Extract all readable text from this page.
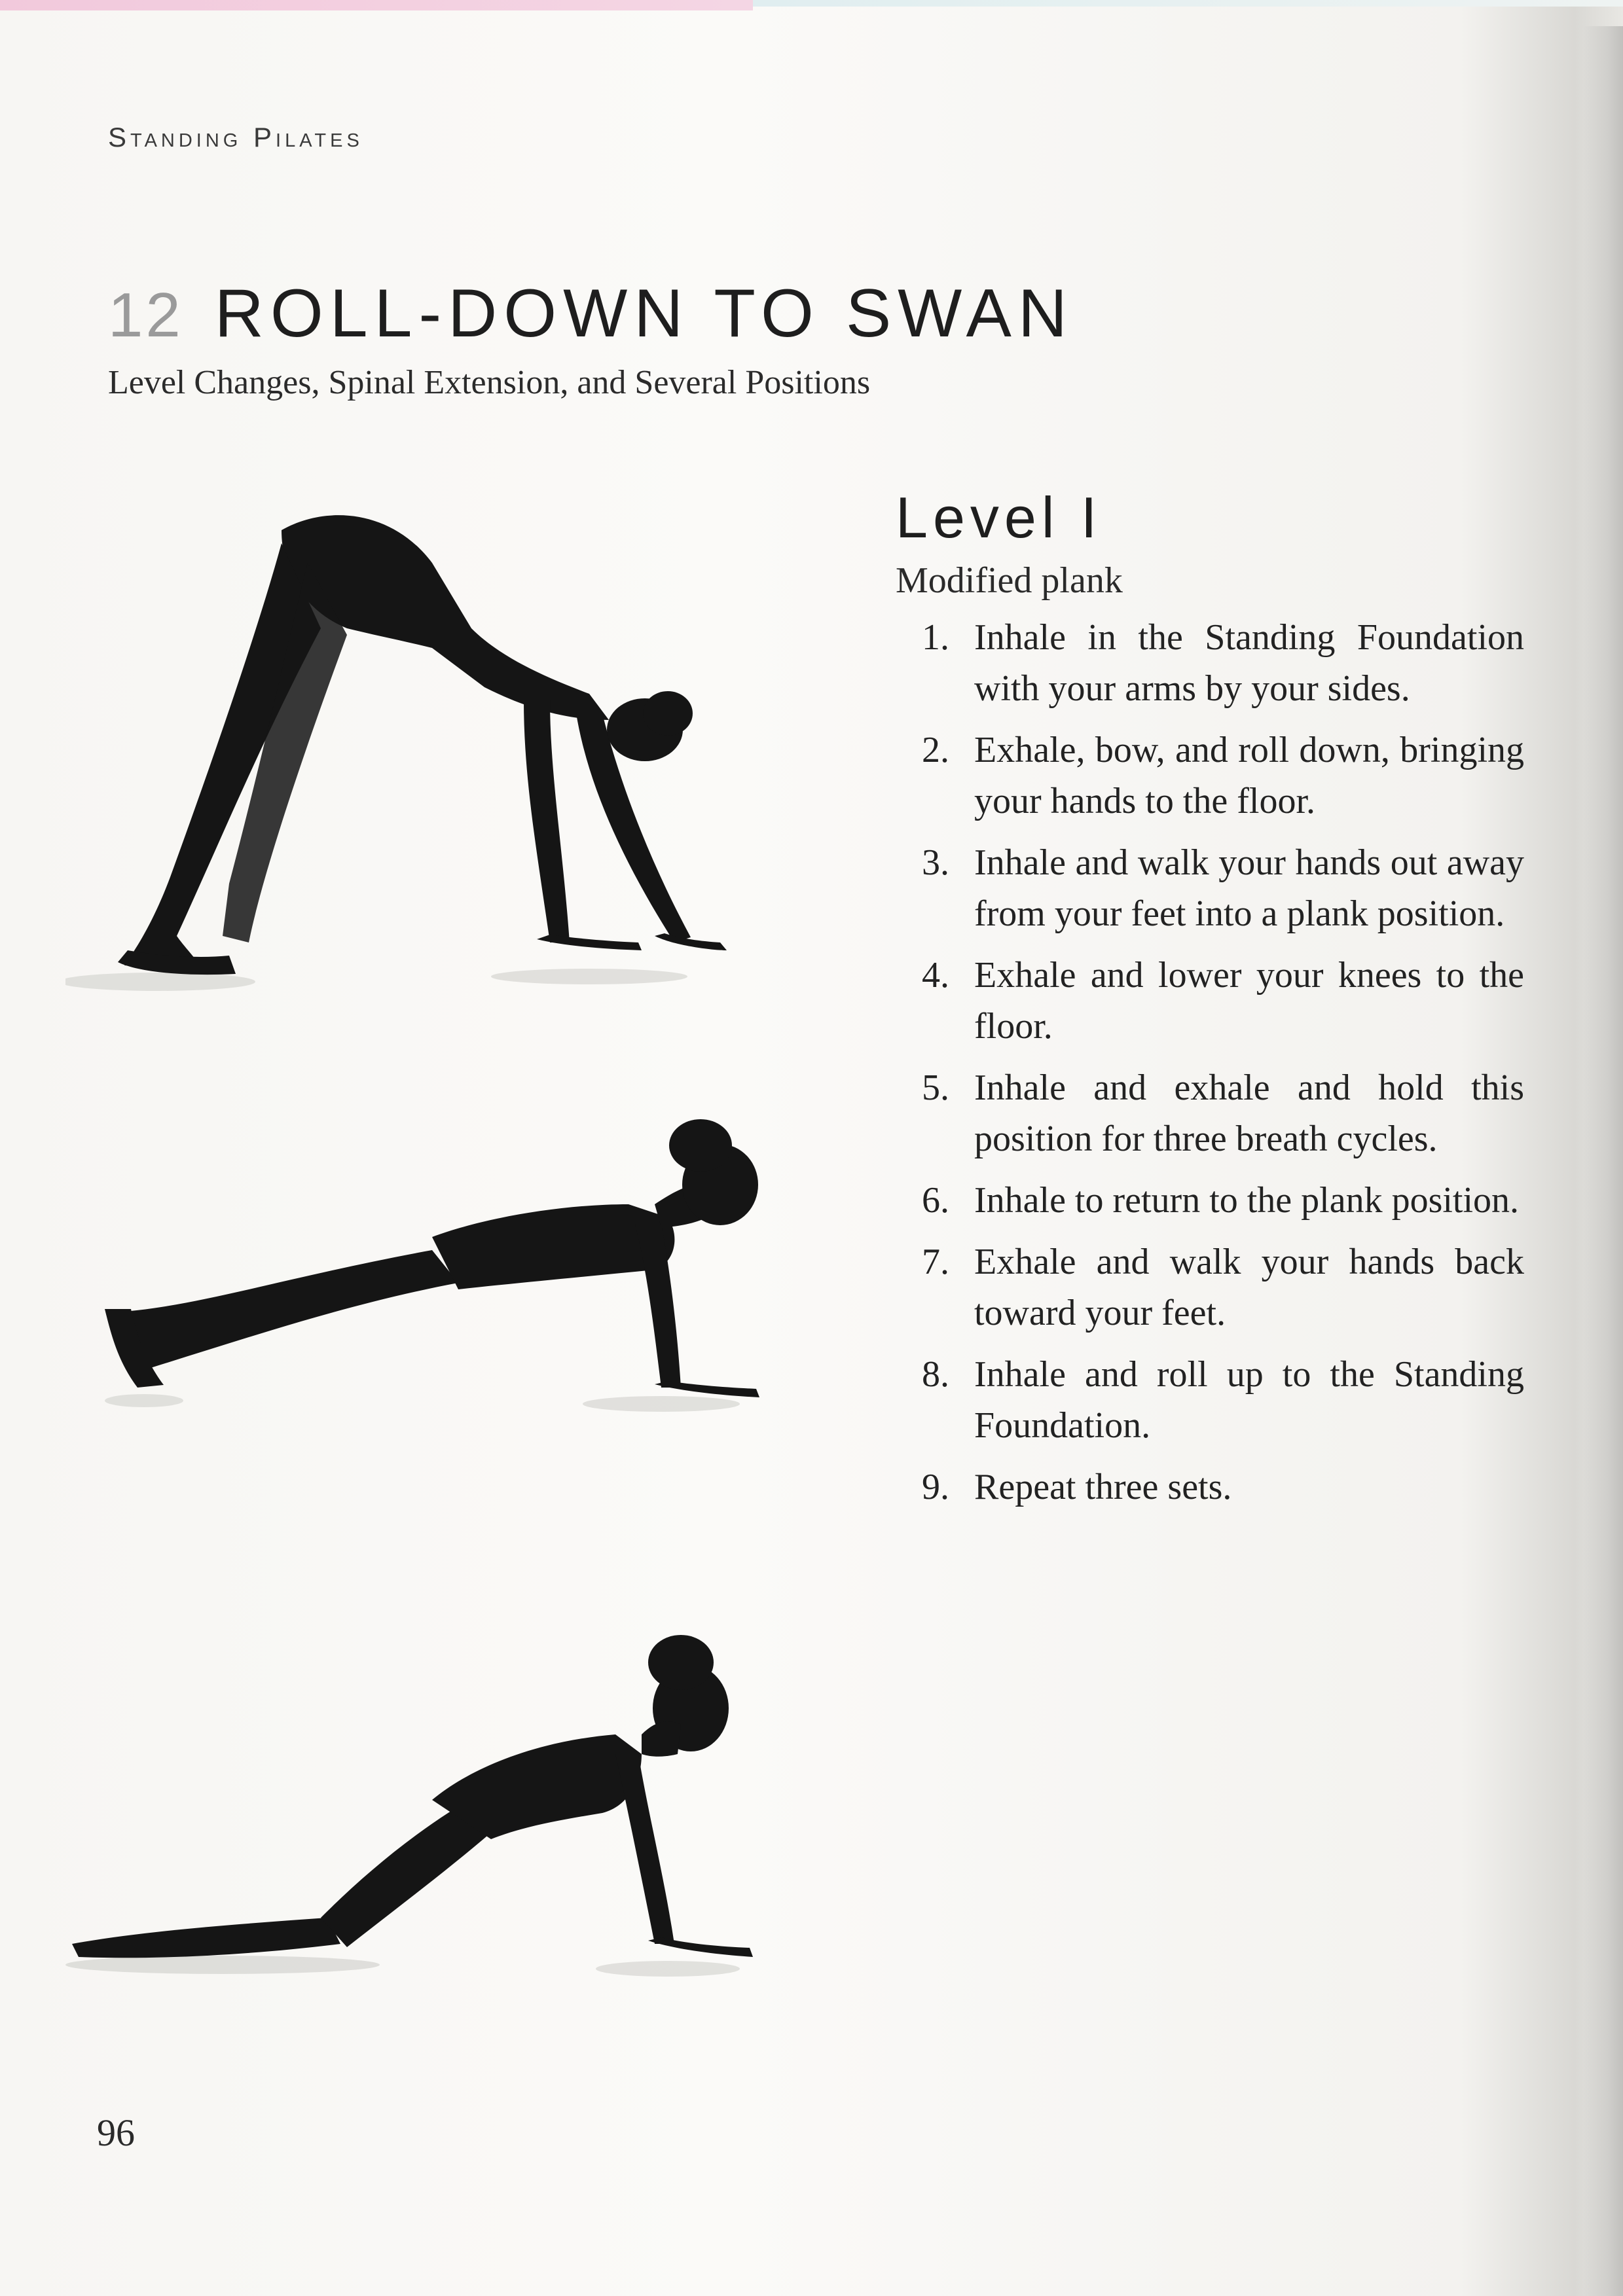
Standing Pilates
12 ROLL-DOWN TO SWAN
Level Changes, Spinal Extension, and Several Positions
Level I
Modified plank
1. Inhale in the Standing Foundation with your arms by your sides.
2. Exhale, bow, and roll down, bringing your hands to the floor.
3. Inhale and walk your hands out away from your feet into a plank position.
4. Exhale and lower your knees to the floor.
5. Inhale and exhale and hold this position for three breath cycles.
6. Inhale to return to the plank position.
7. Exhale and walk your hands back toward your feet.
8. Inhale and roll up to the Standing Foundation.
9. Repeat three sets.
96
